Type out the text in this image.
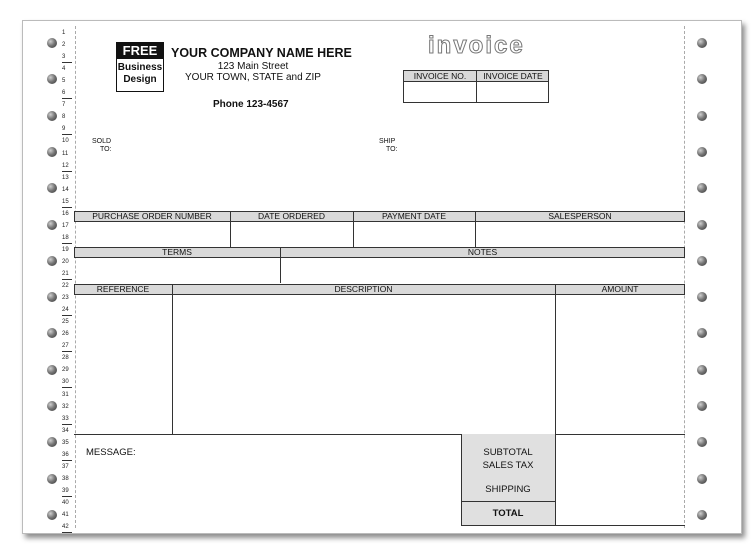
1
2
3
4
5
6
7
8
9
10
11
12
13
14
15
16
17
18
19
20
21
22
23
24
25
26
27
28
29
30
31
32
33
34
35
36
37
38
39
40
41
42
FREE
Business
Design
YOUR COMPANY NAME HERE
123 Main Street
YOUR TOWN, STATE and ZIP
Phone 123-4567
invoice
INVOICE NO.	INVOICE DATE
SOLD
TO:
SHIP
TO:
PURCHASE ORDER NUMBER	DATE ORDERED	PAYMENT DATE	SALESPERSON
TERMS	NOTES
REFERENCE	DESCRIPTION	AMOUNT
MESSAGE:	SUBTOTAL
SALES TAX
SHIPPING
TOTAL
